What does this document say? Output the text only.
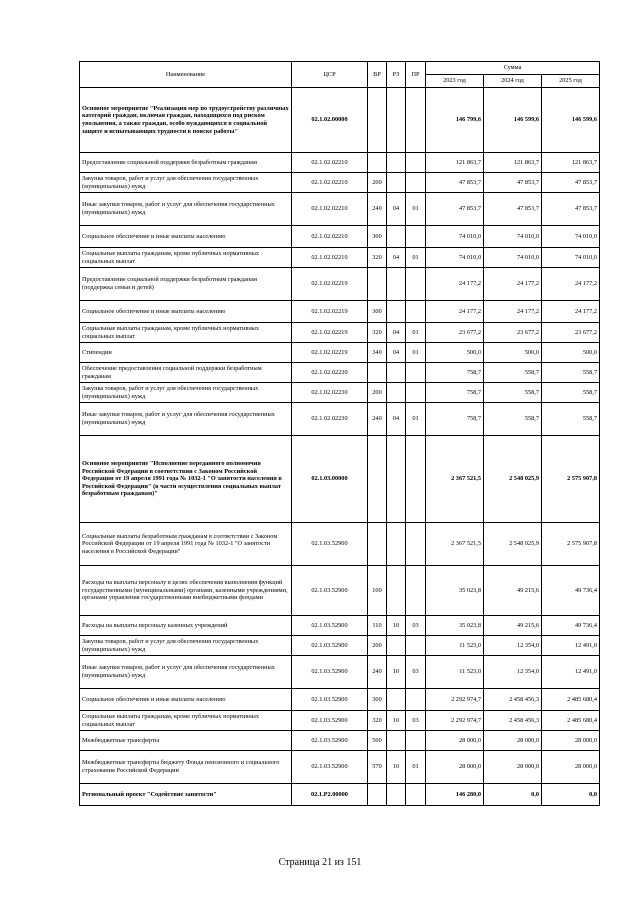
Наименование	ЦСР	ВР	РЗ	ПР	Сумма		
					2023 год	2024 год	2025 год
Основное мероприятие "Реализация мер по трудоустройству различных категорий граждан, включая граждан, находящихся под риском увольнения, а также граждан, особо нуждающихся в социальной защите и испытывающих трудности в поиске работы"	02.1.02.00000				146 799,6	146 599,6	146 599,6
Предоставление социальной поддержки безработным гражданам	02.1.02.02210				121 863,7	121 863,7	121 863,7
Закупка товаров, работ и услуг для обеспечения государственных (муниципальных) нужд	02.1.02.02210	200			47 853,7	47 853,7	47 853,7
Иные закупки товаров, работ и услуг для обеспечения государственных (муниципальных) нужд	02.1.02.02210	240	04	01	47 853,7	47 853,7	47 853,7
Социальное обеспечение и иные выплаты населению	02.1.02.02210	300			74 010,0	74 010,0	74 010,0
Социальные выплаты гражданам, кроме публичных нормативных социальных выплат	02.1.02.02210	320	04	01	74 010,0	74 010,0	74 010,0
Предоставление социальной поддержки безработным гражданам (поддержка семьи и детей)	02.1.02.02219				24 177,2	24 177,2	24 177,2
Социальное обеспечение и иные выплаты населению	02.1.02.02219	300			24 177,2	24 177,2	24 177,2
Социальные выплаты гражданам, кроме публичных нормативных социальных выплат	02.1.02.02219	320	04	01	23 677,2	23 677,2	23 677,2
Стипендии	02.1.02.02219	340	04	01	500,0	500,0	500,0
Обеспечение предоставления социальной поддержки безработным гражданам	02.1.02.02230				758,7	558,7	558,7
Закупка товаров, работ и услуг для обеспечения государственных (муниципальных) нужд	02.1.02.02230	200			758,7	558,7	558,7
Иные закупки товаров, работ и услуг для обеспечения государственных (муниципальных) нужд	02.1.02.02230	240	04	01	758,7	558,7	558,7
Основное мероприятие "Исполнение переданного полномочия Российской Федерации в соответствии с Законом Российской Федерации от 19 апреля 1991 года № 1032-1 "О занятости населения в Российской Федерации" (в части осуществления социальных выплат безработным гражданам)"	02.1.03.00000				2 367 521,5	2 548 025,9	2 575 907,8
Социальные выплаты безработным гражданам в соответствии с Законом Российской Федерации от 19 апреля 1991 года № 1032-1 "О занятости населения в Российской Федерации"	02.1.03.52900				2 367 521,5	2 548 025,9	2 575 907,8
Расходы на выплаты персоналу в целях обеспечения выполнения функций государственными (муниципальными) органами, казенными учреждениями, органами управления государственными внебюджетными фондами	02.1.03.52900	100			35 023,8	49 215,6	49 736,4
Расходы на выплаты персоналу казенных учреждений	02.1.03.52900	110	10	03	35 023,8	49 215,6	49 736,4
Закупка товаров, работ и услуг для обеспечения государственных (муниципальных) нужд	02.1.03.52900	200			11 523,0	12 354,0	12 491,0
Иные закупки товаров, работ и услуг для обеспечения государственных (муниципальных) нужд	02.1.03.52900	240	10	03	11 523,0	12 354,0	12 491,0
Социальное обеспечение и иные выплаты населению	02.1.03.52900	300			2 292 974,7	2 458 456,3	2 485 680,4
Социальные выплаты гражданам, кроме публичных нормативных социальных выплат	02.1.03.52900	320	10	03	2 292 974,7	2 458 456,3	2 485 680,4
Межбюджетные трансферты	02.1.03.52900	500			28 000,0	28 000,0	28 000,0
Межбюджетные трансферты бюджету Фонда пенсионного и социального страхования Российской Федерации	02.1.03.52900	570	10	01	28 000,0	28 000,0	28 000,0
Региональный проект "Содействие занятости"	02.1.P2.00000				146 280,0	0,0	0,0
Страница 21 из 151
